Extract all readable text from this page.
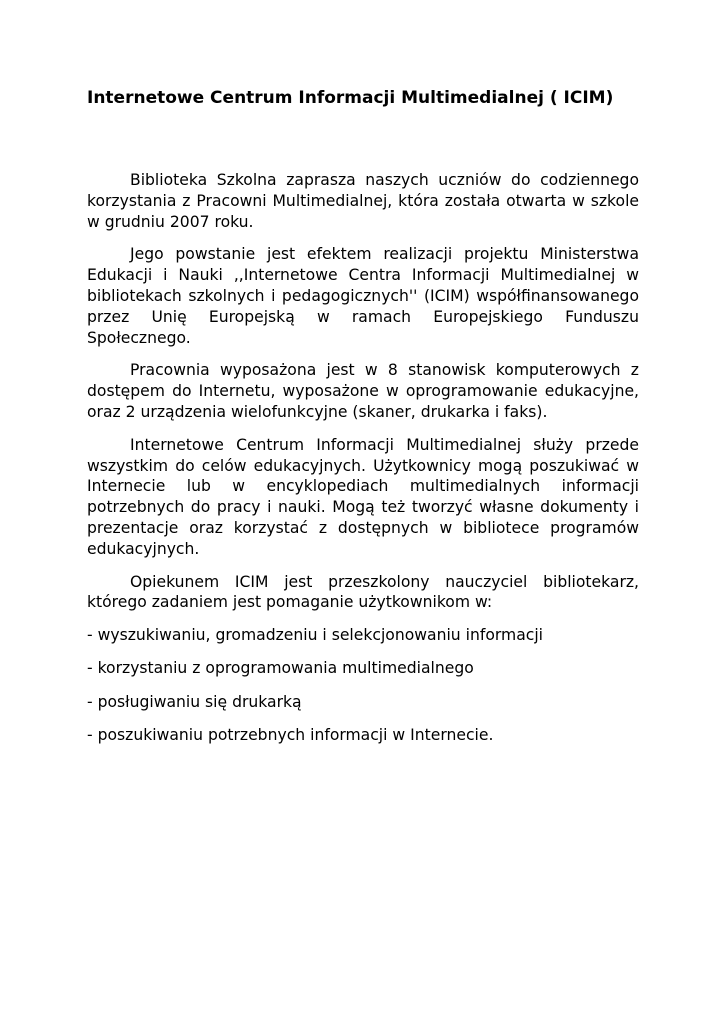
Internetowe Centrum Informacji Multimedialnej ( ICIM)

Biblioteka Szkolna zaprasza naszych uczniów do codziennego korzystania z Pracowni Multimedialnej, która została otwarta w szkole w grudniu 2007 roku.

Jego powstanie jest efektem realizacji projektu Ministerstwa Edukacji i Nauki ,,Internetowe Centra Informacji Multimedialnej w bibliotekach szkolnych i pedagogicznych'' (ICIM) współfinansowanego przez Unię Europejską w ramach Europejskiego Funduszu Społecznego.

Pracownia wyposażona jest w 8 stanowisk komputerowych z dostępem do Internetu, wyposażone w oprogramowanie edukacyjne, oraz 2 urządzenia wielofunkcyjne (skaner, drukarka i faks).

Internetowe Centrum Informacji Multimedialnej służy przede wszystkim do celów edukacyjnych. Użytkownicy mogą poszukiwać w Internecie lub w encyklopediach multimedialnych informacji potrzebnych do pracy i nauki. Mogą też tworzyć własne dokumenty i prezentacje oraz korzystać z dostępnych w bibliotece programów edukacyjnych.

Opiekunem ICIM jest przeszkolony nauczyciel bibliotekarz, którego zadaniem jest pomaganie użytkownikom w:

- wyszukiwaniu, gromadzeniu i selekcjonowaniu informacji
- korzystaniu z oprogramowania multimedialnego
- posługiwaniu się drukarką
- poszukiwaniu potrzebnych informacji w Internecie.
